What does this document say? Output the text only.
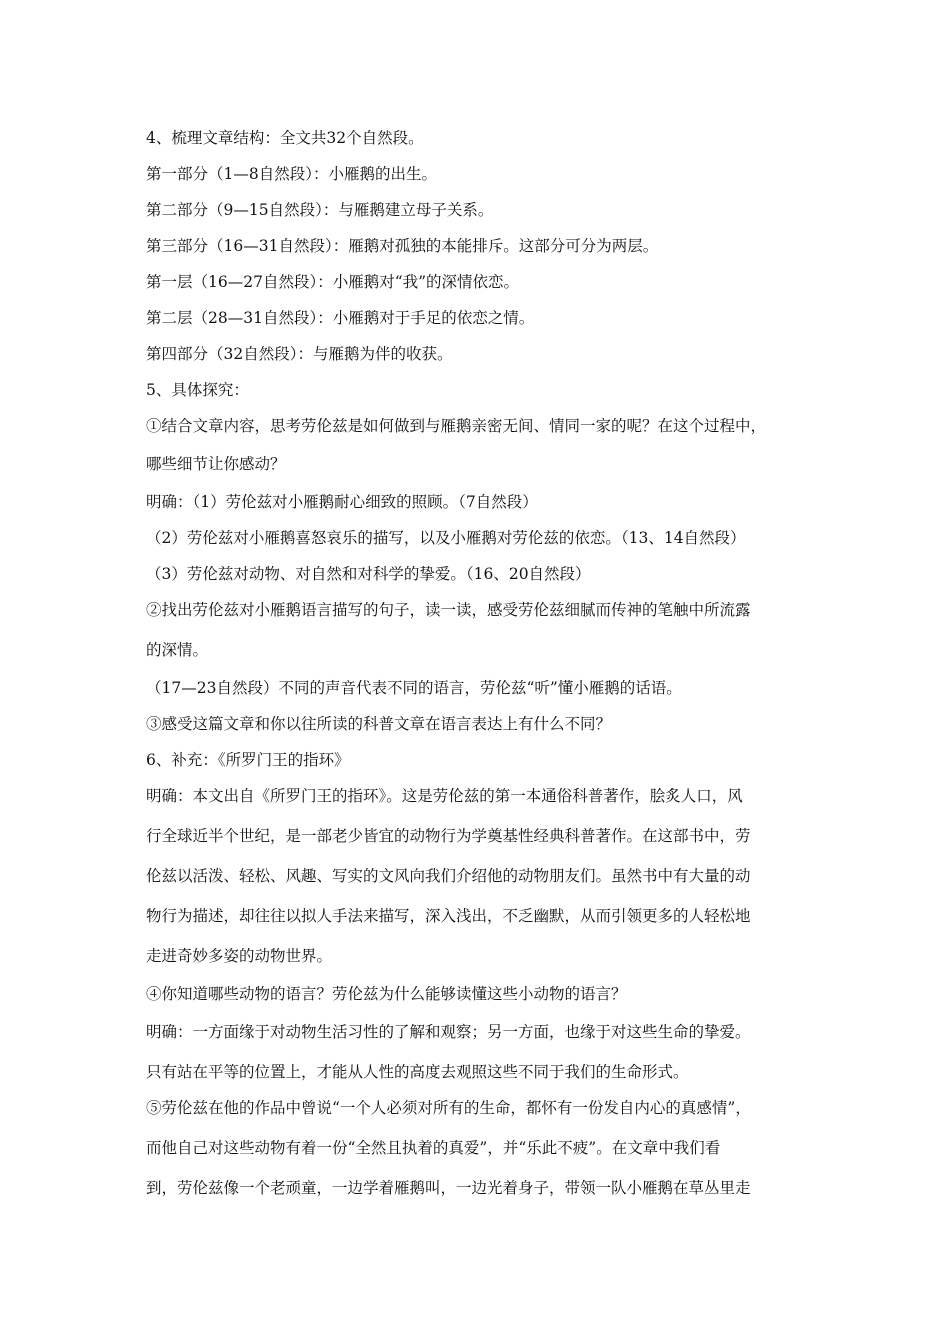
4、梳理文章结构：全文共32个自然段。
第一部分（1—8自然段）：小雁鹅的出生。
第二部分（9—15自然段）：与雁鹅建立母子关系。
第三部分（16—31自然段）：雁鹅对孤独的本能排斥。这部分可分为两层。
第一层（16—27自然段）：小雁鹅对“我”的深情依恋。
第二层（28—31自然段）：小雁鹅对于手足的依恋之情。
第四部分（32自然段）：与雁鹅为伴的收获。
5、具体探究：
①结合文章内容，思考劳伦兹是如何做到与雁鹅亲密无间、情同一家的呢？在这个过程中，
哪些细节让你感动？
明确：（1）劳伦兹对小雁鹅耐心细致的照顾。（7自然段）
（2）劳伦兹对小雁鹅喜怒哀乐的描写，以及小雁鹅对劳伦兹的依恋。（13、14自然段）
（3）劳伦兹对动物、对自然和对科学的挚爱。（16、20自然段）
②找出劳伦兹对小雁鹅语言描写的句子，读一读，感受劳伦兹细腻而传神的笔触中所流露
的深情。
（17—23自然段）不同的声音代表不同的语言，劳伦兹“听”懂小雁鹅的话语。
③感受这篇文章和你以往所读的科普文章在语言表达上有什么不同？
6、补充：《所罗门王的指环》
明确：本文出自《所罗门王的指环》。这是劳伦兹的第一本通俗科普著作，脍炙人口，风
行全球近半个世纪，是一部老少皆宜的动物行为学奠基性经典科普著作。在这部书中，劳
伦兹以活泼、轻松、风趣、写实的文风向我们介绍他的动物朋友们。虽然书中有大量的动
物行为描述，却往往以拟人手法来描写，深入浅出，不乏幽默，从而引领更多的人轻松地
走进奇妙多姿的动物世界。
④你知道哪些动物的语言？劳伦兹为什么能够读懂这些小动物的语言？
明确：一方面缘于对动物生活习性的了解和观察；另一方面，也缘于对这些生命的挚爱。
只有站在平等的位置上，才能从人性的高度去观照这些不同于我们的生命形式。
⑤劳伦兹在他的作品中曾说“一个人必须对所有的生命，都怀有一份发自内心的真感情”，
而他自己对这些动物有着一份“全然且执着的真爱”，并“乐此不疲”。在文章中我们看
到，劳伦兹像一个老顽童，一边学着雁鹅叫，一边光着身子，带领一队小雁鹅在草丛里走
